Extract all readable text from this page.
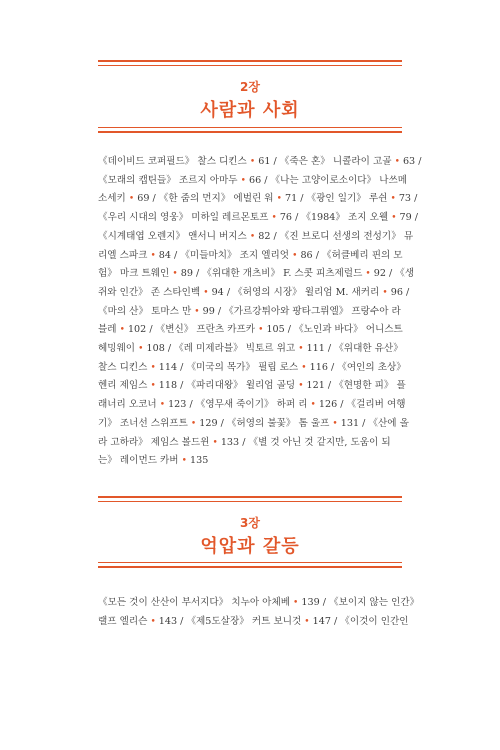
2장
사람과 사회
《데이비드 코퍼필드》 찰스 디킨스 • 61 / 《죽은 혼》 니콜라이 고골 • 63 /
《모래의 캡틴들》 조르지 아마두 • 66 / 《나는 고양이로소이다》 나쓰메
소세키 • 69 / 《한 줌의 먼지》 에벌린 워 • 71 / 《광인 일기》 루쉰 • 73 /
《우리 시대의 영웅》 미하일 레르몬토프 • 76 / 《1984》 조지 오웰 • 79 /
《시계태엽 오렌지》 앤서니 버지스 • 82 / 《진 브로디 선생의 전성기》 뮤
리엘 스파크 • 84 / 《미들마치》 조지 엘리엇 • 86 / 《허클베리 핀의 모
험》 마크 트웨인 • 89 / 《위대한 개츠비》 F. 스콧 피츠제럴드 • 92 / 《생
쥐와 인간》 존 스타인벡 • 94 / 《허영의 시장》 윌리엄 M. 새커리 • 96 /
《마의 산》 토마스 만 • 99 / 《가르강튀아와 팡타그뤼엘》 프랑수아 라
블레 • 102 / 《변신》 프란츠 카프카 • 105 / 《노인과 바다》 어니스트
헤밍웨이 • 108 / 《레 미제라블》 빅토르 위고 • 111 / 《위대한 유산》
찰스 디킨스 • 114 / 《미국의 목가》 필립 로스 • 116 / 《여인의 초상》
헨리 제임스 • 118 / 《파리대왕》 윌리엄 골딩 • 121 / 《현명한 피》 플
래너리 오코너 • 123 / 《영무새 죽이기》 하퍼 리 • 126 / 《걸리버 여행
기》 조너선 스위프트 • 129 / 《허영의 불꽃》 톰 울프 • 131 / 《산에 올
라 고하라》 제임스 볼드윈 • 133 / 《별 것 아닌 것 같지만, 도움이 되
는》 레이먼드 카버 • 135
3장
억압과 갈등
《모든 것이 산산이 부서지다》 치누아 아체베 • 139 / 《보이지 않는 인간》
랠프 엘리슨 • 143 / 《제5도살장》 커트 보니것 • 147 / 《이것이 인간인
